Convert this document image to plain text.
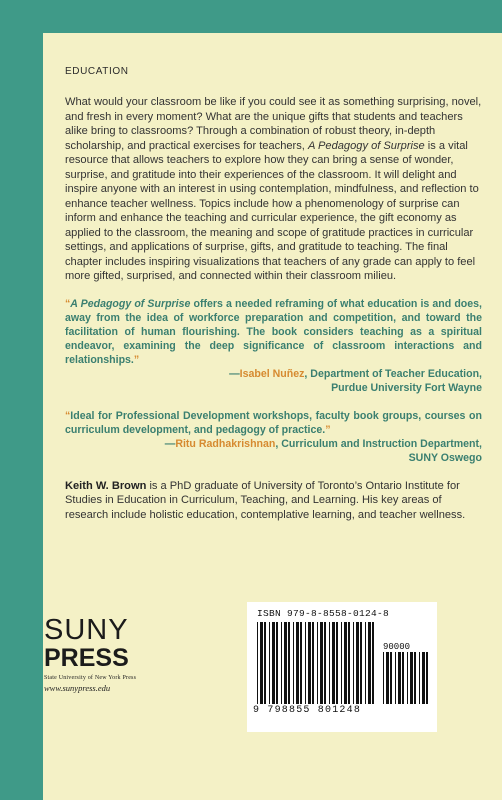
EDUCATION

What would your classroom be like if you could see it as something surprising, novel, and fresh in every moment? What are the unique gifts that students and teachers alike bring to classrooms? Through a combination of robust theory, in-depth scholarship, and practical exercises for teachers, A Pedagogy of Surprise is a vital resource that allows teachers to explore how they can bring a sense of wonder, surprise, and gratitude into their experiences of the classroom. It will delight and inspire anyone with an interest in using contemplation, mindfulness, and reflection to enhance teacher wellness. Topics include how a phenomenology of surprise can inform and enhance the teaching and curricular experience, the gift economy as applied to the classroom, the meaning and scope of gratitude practices in curricular settings, and applications of surprise, gifts, and gratitude to teaching. The final chapter includes inspiring visualizations that teachers of any grade can apply to feel more gifted, surprised, and connected within their classroom milieu.

“A Pedagogy of Surprise offers a needed reframing of what education is and does, away from the idea of workforce preparation and competition, and toward the facilitation of human flourishing. The book considers teaching as a spiritual endeavor, examining the deep significance of classroom interactions and relationships.”

—Isabel Nuñez, Department of Teacher Education,
Purdue University Fort Wayne

“Ideal for Professional Development workshops, faculty book groups, courses on curriculum development, and pedagogy of practice.”

—Ritu Radhakrishnan, Curriculum and Instruction Department,
SUNY Oswego

Keith W. Brown is a PhD graduate of University of Toronto’s Ontario Institute for Studies in Education in Curriculum, Teaching, and Learning. His key areas of research include holistic education, contemplative learning, and teacher wellness.

SUNY
PRESS
State University of New York Press
www.sunypress.edu
ISBN 979-8-8558-0124-8
90000
9 798855 801248
